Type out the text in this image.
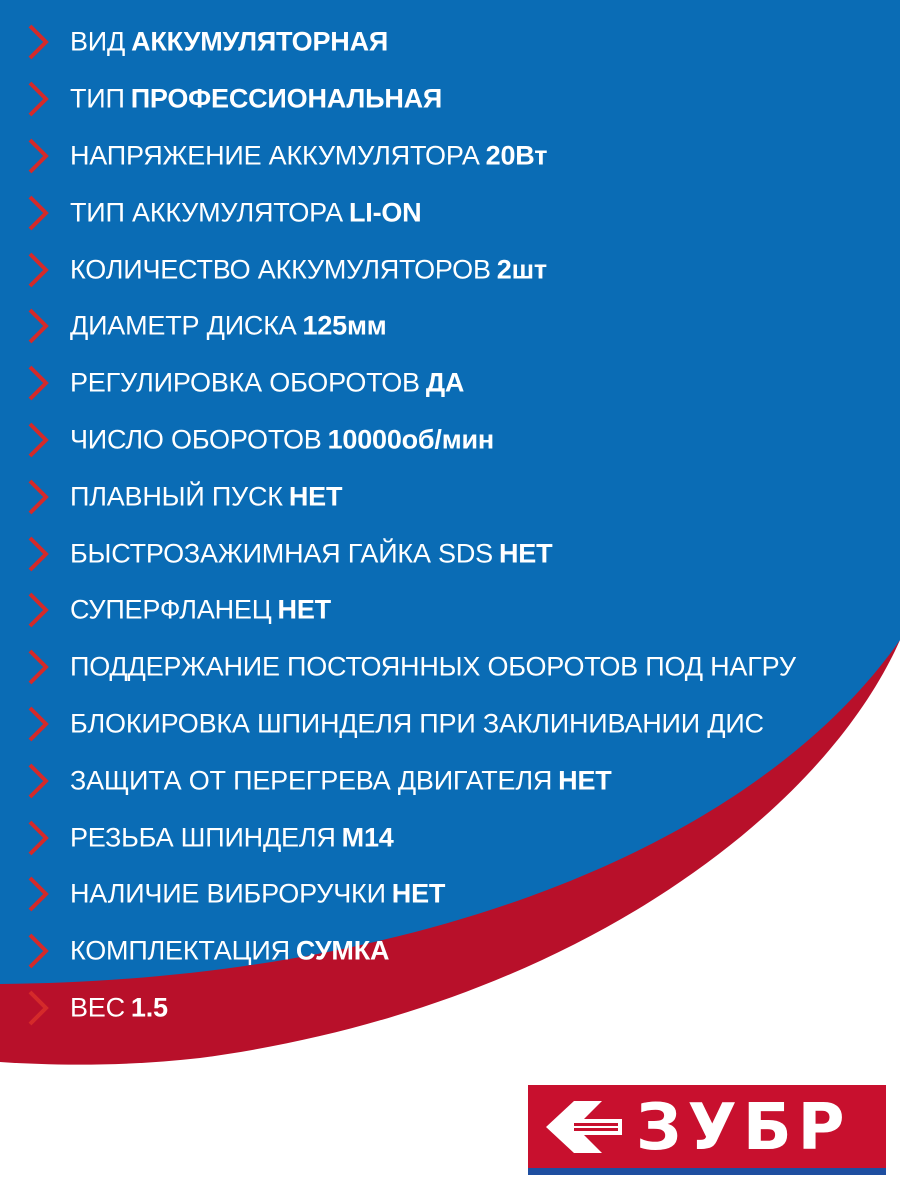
ВИД АККУМУЛЯТОРНАЯ
ТИП ПРОФЕССИОНАЛЬНАЯ
НАПРЯЖЕНИЕ АККУМУЛЯТОРА 20Вт
ТИП АККУМУЛЯТОРА LI-ON
КОЛИЧЕСТВО АККУМУЛЯТОРОВ 2шт
ДИАМЕТР ДИСКА 125мм
РЕГУЛИРОВКА ОБОРОТОВ ДА
ЧИСЛО ОБОРОТОВ 10000об/мин
ПЛАВНЫЙ ПУСК НЕТ
БЫСТРОЗАЖИМНАЯ ГАЙКА SDS НЕТ
СУПЕРФЛАНЕЦ НЕТ
ПОДДЕРЖАНИЕ ПОСТОЯННЫХ ОБОРОТОВ ПОД НАГРУ
БЛОКИРОВКА ШПИНДЕЛЯ ПРИ ЗАКЛИНИВАНИИ ДИС
ЗАЩИТА ОТ ПЕРЕГРЕВА ДВИГАТЕЛЯ НЕТ
РЕЗЬБА ШПИНДЕЛЯ M14
НАЛИЧИЕ ВИБРОРУЧКИ НЕТ
КОМПЛЕКТАЦИЯ СУМКА
ВЕС 1.5
ЗУБР
